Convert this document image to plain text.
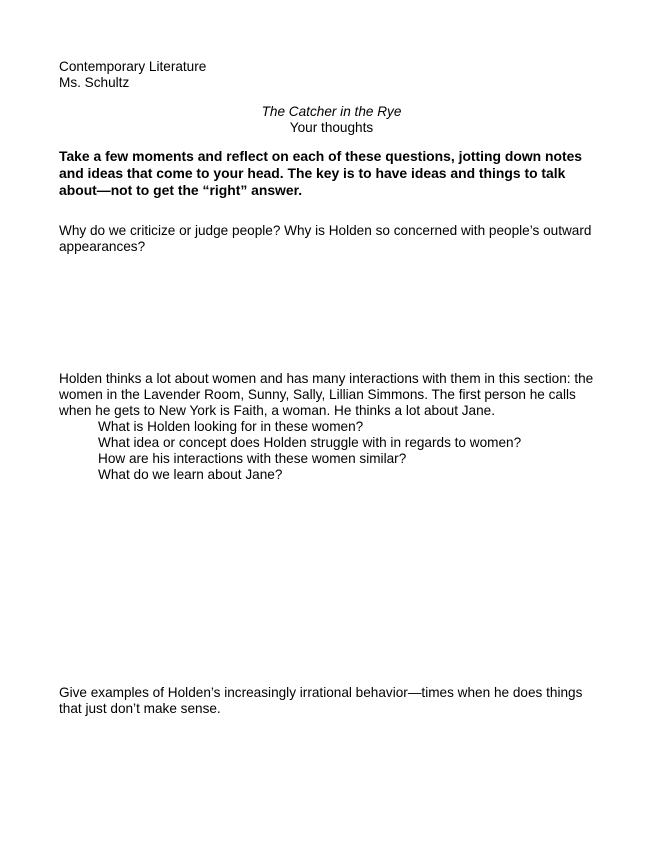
Contemporary Literature
Ms. Schultz
The Catcher in the Rye
Your thoughts
Take a few moments and reflect on each of these questions, jotting down notes and ideas that come to your head. The key is to have ideas and things to talk about—not to get the “right” answer.
Why do we criticize or judge people? Why is Holden so concerned with people’s outward appearances?
Holden thinks a lot about women and has many interactions with them in this section: the women in the Lavender Room, Sunny, Sally, Lillian Simmons. The first person he calls when he gets to New York is Faith, a woman. He thinks a lot about Jane.
What is Holden looking for in these women?
What idea or concept does Holden struggle with in regards to women?
How are his interactions with these women similar?
What do we learn about Jane?
Give examples of Holden’s increasingly irrational behavior—times when he does things that just don’t make sense.
